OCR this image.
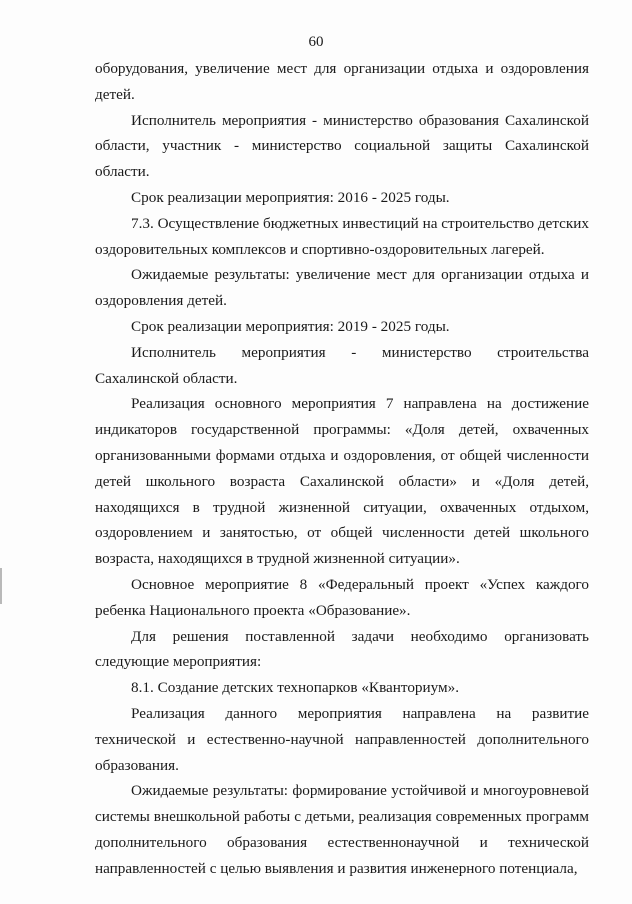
60

оборудования, увеличение мест для организации отдыха и оздоровления детей.

Исполнитель мероприятия - министерство образования Сахалинской области, участник - министерство социальной защиты Сахалинской области.

Срок реализации мероприятия: 2016 - 2025 годы.

7.3. Осуществление бюджетных инвестиций на строительство детских оздоровительных комплексов и спортивно-оздоровительных лагерей.

Ожидаемые результаты: увеличение мест для организации отдыха и оздоровления детей.

Срок реализации мероприятия: 2019 - 2025 годы.

Исполнитель мероприятия - министерство строительства Сахалинской области.

Реализация основного мероприятия 7 направлена на достижение индикаторов государственной программы: «Доля детей, охваченных организованными формами отдыха и оздоровления, от общей численности детей школьного возраста Сахалинской области» и «Доля детей, находящихся в трудной жизненной ситуации, охваченных отдыхом, оздоровлением и занятостью, от общей численности детей школьного возраста, находящихся в трудной жизненной ситуации».

Основное мероприятие 8 «Федеральный проект «Успех каждого ребенка Национального проекта «Образование».

Для решения поставленной задачи необходимо организовать следующие мероприятия:

8.1. Создание детских технопарков «Кванториум».

Реализация данного мероприятия направлена на развитие технической и естественно-научной направленностей дополнительного образования.

Ожидаемые результаты: формирование устойчивой и многоуровневой системы внешкольной работы с детьми, реализация современных программ дополнительного образования естественнонаучной и технической направленностей с целью выявления и развития инженерного потенциала,
